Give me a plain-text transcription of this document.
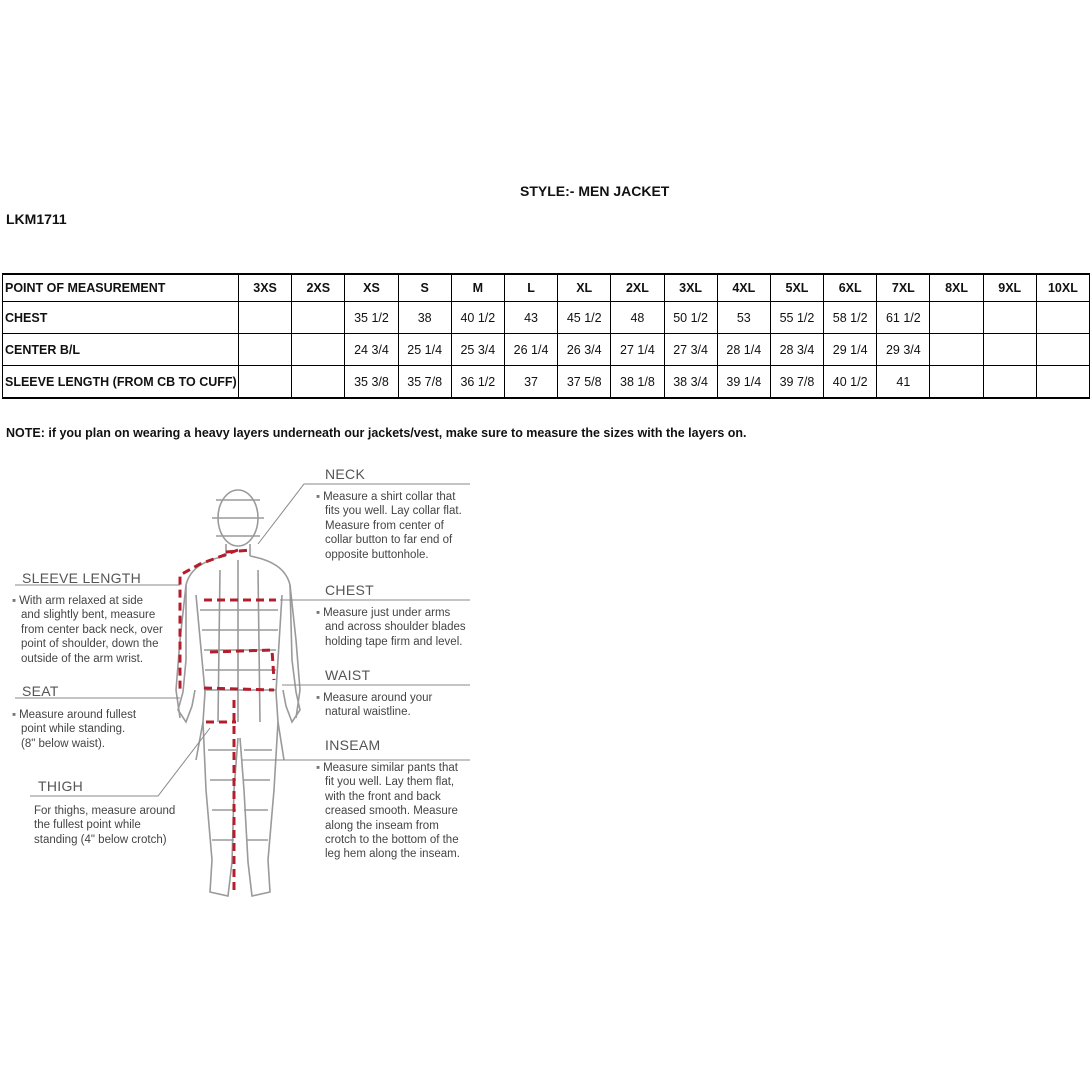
STYLE:- MEN JACKET
LKM1711
POINT OF MEASUREMENT	3XS	2XS	XS	S	M	L	XL	2XL	3XL	4XL	5XL	6XL	7XL	8XL	9XL	10XL
CHEST			35 1/2	38	40 1/2	43	45 1/2	48	50 1/2	53	55 1/2	58 1/2	61 1/2			
CENTER B/L			24 3/4	25 1/4	25 3/4	26 1/4	26 3/4	27 1/4	27 3/4	28 1/4	28 3/4	29 1/4	29 3/4			
SLEEVE LENGTH (FROM CB TO CUFF)			35 3/8	35 7/8	36 1/2	37	37 5/8	38 1/8	38 3/4	39 1/4	39 7/8	40 1/2	41			
NOTE: if you plan on wearing a heavy layers underneath our jackets/vest, make sure to measure the sizes with the layers on.
NECK
▪ Measure a shirt collar that
fits you well. Lay collar flat.
Measure from center of
collar button to far end of
opposite buttonhole.
CHEST
▪ Measure just under arms
and across shoulder blades
holding tape firm and level.
WAIST
▪ Measure around your
natural waistline.
INSEAM
▪ Measure similar pants that
fit you well. Lay them flat,
with the front and back
creased smooth. Measure
along the inseam from
crotch to the bottom of the
leg hem along the inseam.
SLEEVE LENGTH
▪ With arm relaxed at side
and slightly bent, measure
from center back neck, over
point of shoulder, down the
outside of the arm wrist.
SEAT
▪ Measure around fullest
point while standing.
(8" below waist).
THIGH
For thighs, measure around
the fullest point while
standing (4" below crotch)
